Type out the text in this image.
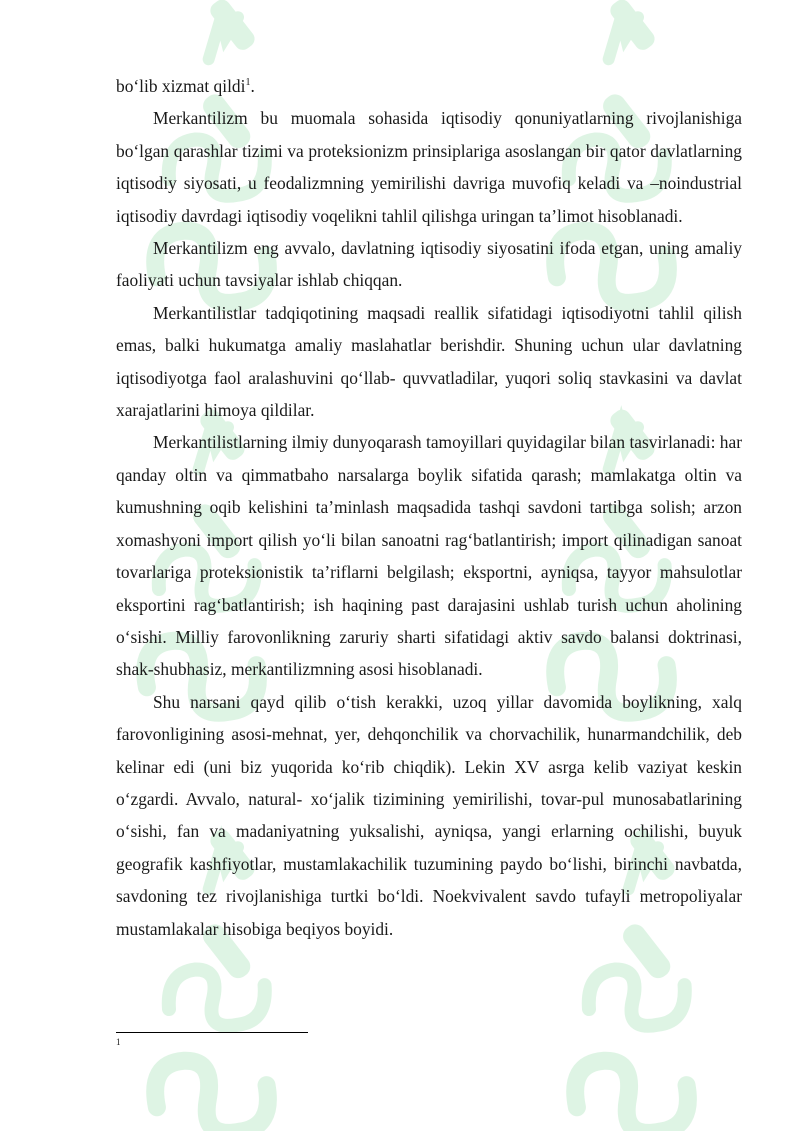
bo‘lib xizmat qildi$^1$.

Merkantilizm bu muomala sohasida iqtisodiy qonuniyatlarning rivojlanishiga bo‘lgan qarashlar tizimi va proteksionizm prinsiplariga asoslangan bir qator davlatlarning iqtisodiy siyosati, u feodalizmning yemirilishi davriga muvofiq keladi va –noindustrial iqtisodiy davrdagi iqtisodiy voqelikni tahlil qilishga uringan ta’limot hisoblanadi.

Merkantilizm eng avvalo, davlatning iqtisodiy siyosatini ifoda etgan, uning amaliy faoliyati uchun tavsiyalar ishlab chiqqan.

Merkantilistlar tadqiqotining maqsadi reallik sifatidagi iqtisodiyotni tahlil qilish emas, balki hukumatga amaliy maslahatlar berishdir. Shuning uchun ular davlatning iqtisodiyotga faol aralashuvini qo‘llab- quvvatladilar, yuqori soliq stavkasini va davlat xarajatlarini himoya qildilar.

Merkantilistlarning ilmiy dunyoqarash tamoyillari quyidagilar bilan tasvirlanadi: har qanday oltin va qimmatbaho narsalarga boylik sifatida qarash; mamlakatga oltin va kumushning oqib kelishini ta’minlash maqsadida tashqi savdoni tartibga solish; arzon xomashyoni import qilish yo‘li bilan sanoatni rag‘batlantirish; import qilinadigan sanoat tovarlariga proteksionistik ta’riflarni belgilash; eksportni, ayniqsa, tayyor mahsulotlar eksportini rag‘batlantirish; ish haqining past darajasini ushlab turish uchun aholining o‘sishi. Milliy farovonlikning zaruriy sharti sifatidagi aktiv savdo balansi doktrinasi, shak-shubhasiz, merkantilizmning asosi hisoblanadi.

Shu narsani qayd qilib o‘tish kerakki, uzoq yillar davomida boylikning, xalq farovonligining asosi-mehnat, yer, dehqonchilik va chorvachilik, hunarmandchilik, deb kelinar edi (uni biz yuqorida ko‘rib chiqdik). Lekin XV asrga kelib vaziyat keskin o‘zgardi. Avvalo, natural- xo‘jalik tizimining yemirilishi, tovar-pul munosabatlarining o‘sishi, fan va madaniyatning yuksalishi, ayniqsa, yangi erlarning ochilishi, buyuk geografik kashfiyotlar, mustamlakachilik tuzumining paydo bo‘lishi, birinchi navbatda, savdoning tez rivojlanishiga turtki bo‘ldi. Noekvivalent savdo tufayli metropoliyalar mustamlakalar hisobiga beqiyos boyidi.

1
